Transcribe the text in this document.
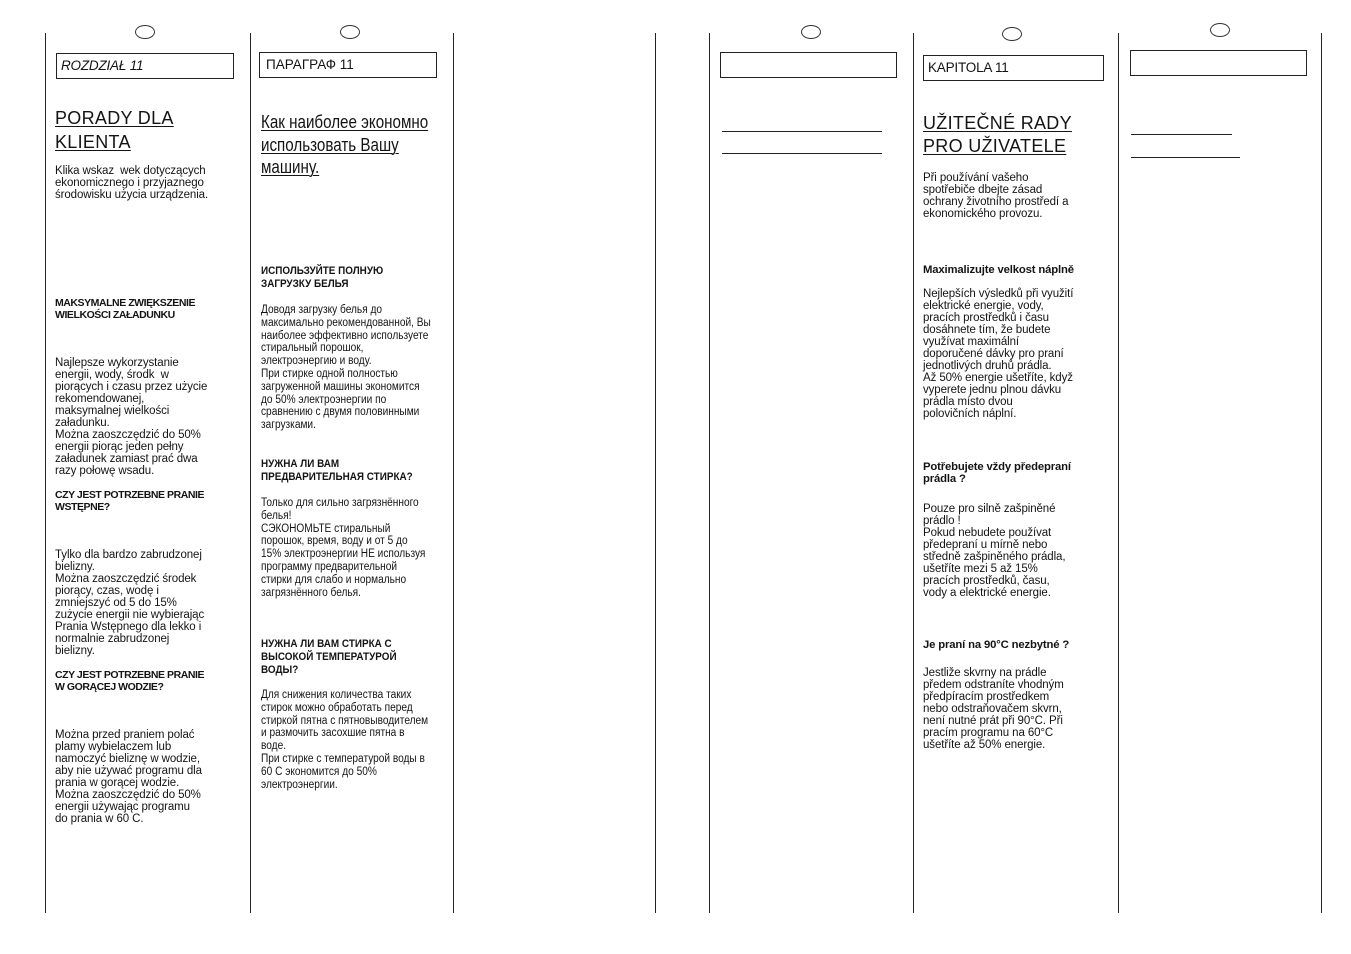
ROZDZIAŁ 11
PORADY DLA
KLIENTA
Klika wskaz  wek dotyczących
ekonomicznego i przyjaznego
środowisku użycia urządzenia.

MAKSYMALNE ZWIĘKSZENIE
WIELKOŚCI ZAŁADUNKU

Najlepsze wykorzystanie
energii, wody, środk  w
piorących i czasu przez użycie
rekomendowanej,
maksymalnej wielkości
załadunku.
Można zaoszczędzić do 50%
energii piorąc jeden pełny
załadunek zamiast prać dwa
razy połowę wsadu.

CZY JEST POTRZEBNE PRANIE
WSTĘPNE?

Tylko dla bardzo zabrudzonej
bielizny.
Można zaoszczędzić środek
piorący, czas, wodę i
zmniejszyć od 5 do 15%
zużycie energii nie wybierając
Prania Wstępnego dla lekko i
normalnie zabrudzonej
bielizny.

CZY JEST POTRZEBNE PRANIE
W GORĄCEJ WODZIE?

Można przed praniem polać
plamy wybielaczem lub
namoczyć bieliznę w wodzie,
aby nie używać programu dla
prania w gorącej wodzie.
Można zaoszczędzić do 50%
energii używając programu
do prania w 60 C.

ПАРАГРАФ 11
Как наиболее экономно
использовать Вашу
машину.
ИСПОЛЬЗУЙТЕ ПОЛНУЮ
ЗАГРУЗКУ БЕЛЬЯ
Доводя загрузку белья до
максимально рекомендованной, Вы
наиболее эффективно используете
стиральный порошок,
электроэнергию и воду.
При стирке одной полностью
загруженной машины экономится
до 50% электроэнергии по
сравнению с двумя половинными
загрузками.
НУЖНА ЛИ ВАМ
ПРЕДВАРИТЕЛЬНАЯ СТИРКА?
Только для сильно загрязнённого
белья!
СЭКОНОМЬТЕ стиральный
порошок, время, воду и от 5 до
15% электроэнергии НЕ используя
программу предварительной
стирки для слабо и нормально
загрязнённого белья.
НУЖНА ЛИ ВАМ СТИРКА С
ВЫСОКОЙ ТЕМПЕРАТУРОЙ
ВОДЫ?
Для снижения количества таких
стирок можно обработать перед
стиркой пятна с пятновыводителем
и размочить засохшие пятна в
воде.
При стирке с температурой воды в
60 С экономится до 50%
электроэнергии.
KAPITOLA 11
UŽITEČNÉ RADY
PRO UŽIVATELE
Při používání vašeho
spotřebiče dbejte zásad
ochrany životního prostředí a
ekonomického provozu.
Maximalizujte velkost náplně
Nejlepších výsledků při využití
elektrické energie, vody,
pracích prostředků i času
dosáhnete tím, že budete
využívat maximální
doporučené dávky pro praní
jednotlivých druhů prádla.
Až 50% energie ušetříte, když
vyperete jednu plnou dávku
prádla místo dvou
polovičních náplní.
Potřebujete vždy předepraní
prádla ?
Pouze pro silně zašpiněné
prádlo !
Pokud nebudete používat
předepraní u mírně nebo
středně zašpiněného prádla,
ušetříte mezi 5 až 15%
pracích prostředků, času,
vody a elektrické energie.
Je praní na 90°C nezbytné ?
Jestliže skvrny na prádle
předem odstraníte vhodným
předpíracím prostředkem
nebo odstraňovačem skvrn,
není nutné prát při 90°C. Při
pracím programu na 60°C
ušetříte až 50% energie.
